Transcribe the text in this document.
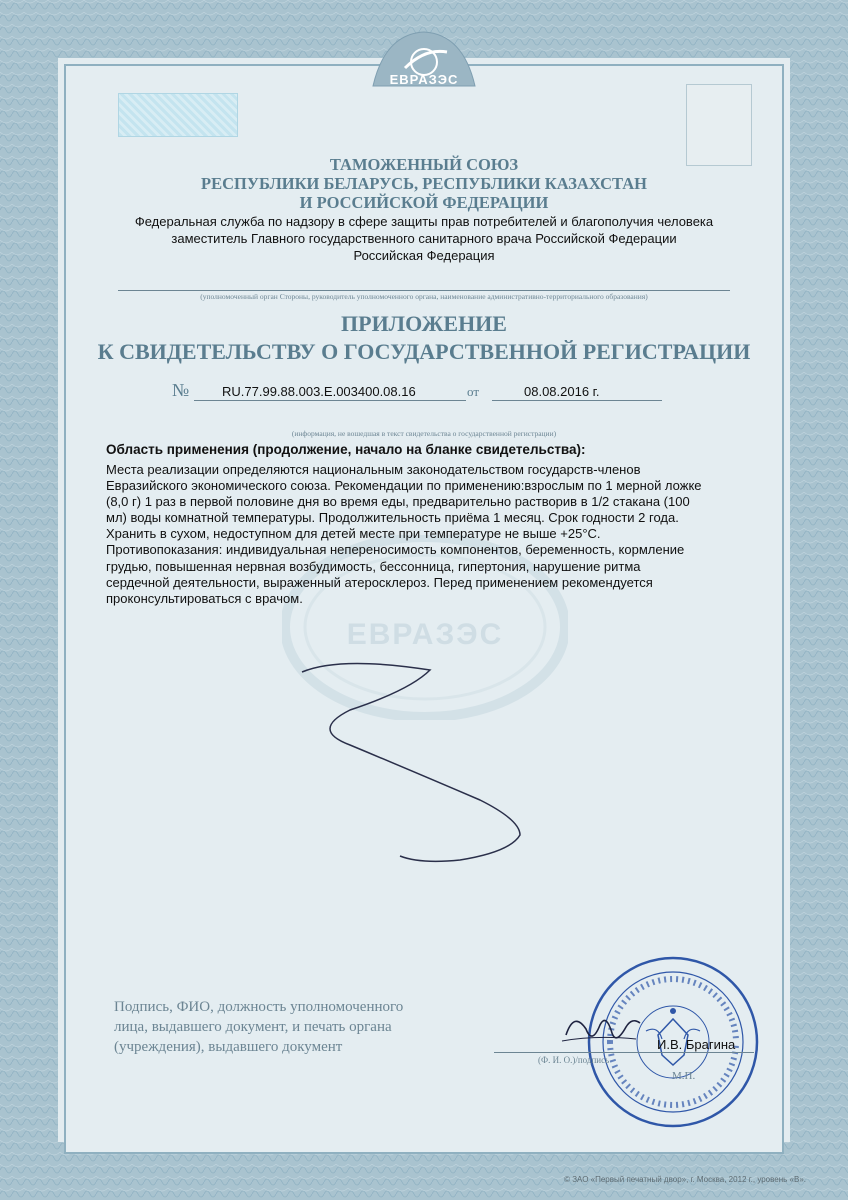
ЕВРАЗЭС
ТАМОЖЕННЫЙ СОЮЗ
РЕСПУБЛИКИ БЕЛАРУСЬ, РЕСПУБЛИКИ КАЗАХСТАН
И РОССИЙСКОЙ ФЕДЕРАЦИИ
Федеральная служба по надзору в сфере защиты прав потребителей и благополучия человека
заместитель Главного государственного санитарного врача Российской Федерации
Российская Федерация
(уполномоченный орган Стороны, руководитель уполномоченного органа, наименование административно-территориального образования)
ПРИЛОЖЕНИЕ
К СВИДЕТЕЛЬСТВУ О ГОСУДАРСТВЕННОЙ РЕГИСТРАЦИИ
№	RU.77.99.88.003.E.003400.08.16	от	08.08.2016 г.
(информация, не вошедшая в текст свидетельства о государственной регистрации)
ЕВРАЗЭС
Область применения (продолжение, начало на бланке свидетельства):

Места реализации определяются национальным законодательством государств-членов

Евразийского экономического союза. Рекомендации по применению:взрослым по 1 мерной ложке

(8,0 г) 1 раз в первой половине дня во время еды, предварительно растворив в 1/2 стакана (100

мл) воды комнатной температуры. Продолжительность приёма 1 месяц. Срок годности 2 года.

Хранить в сухом, недоступном для детей месте при температуре не выше +25°С.

Противопоказания: индивидуальная непереносимость компонентов, беременность, кормление

грудью, повышенная нервная возбудимость, бессонница, гипертония, нарушение ритма

сердечной деятельности, выраженный атеросклероз. Перед применением рекомендуется

проконсультироваться с врачом.

Подпись, ФИО, должность уполномоченного
лица, выдавшего документ, и печать органа
(учреждения), выдавшего документ	И.В. Брагина
(Ф. И. О.)/подпись
М.П.
© ЗАО «Первый печатный двор», г. Москва, 2012 г., уровень «В».
